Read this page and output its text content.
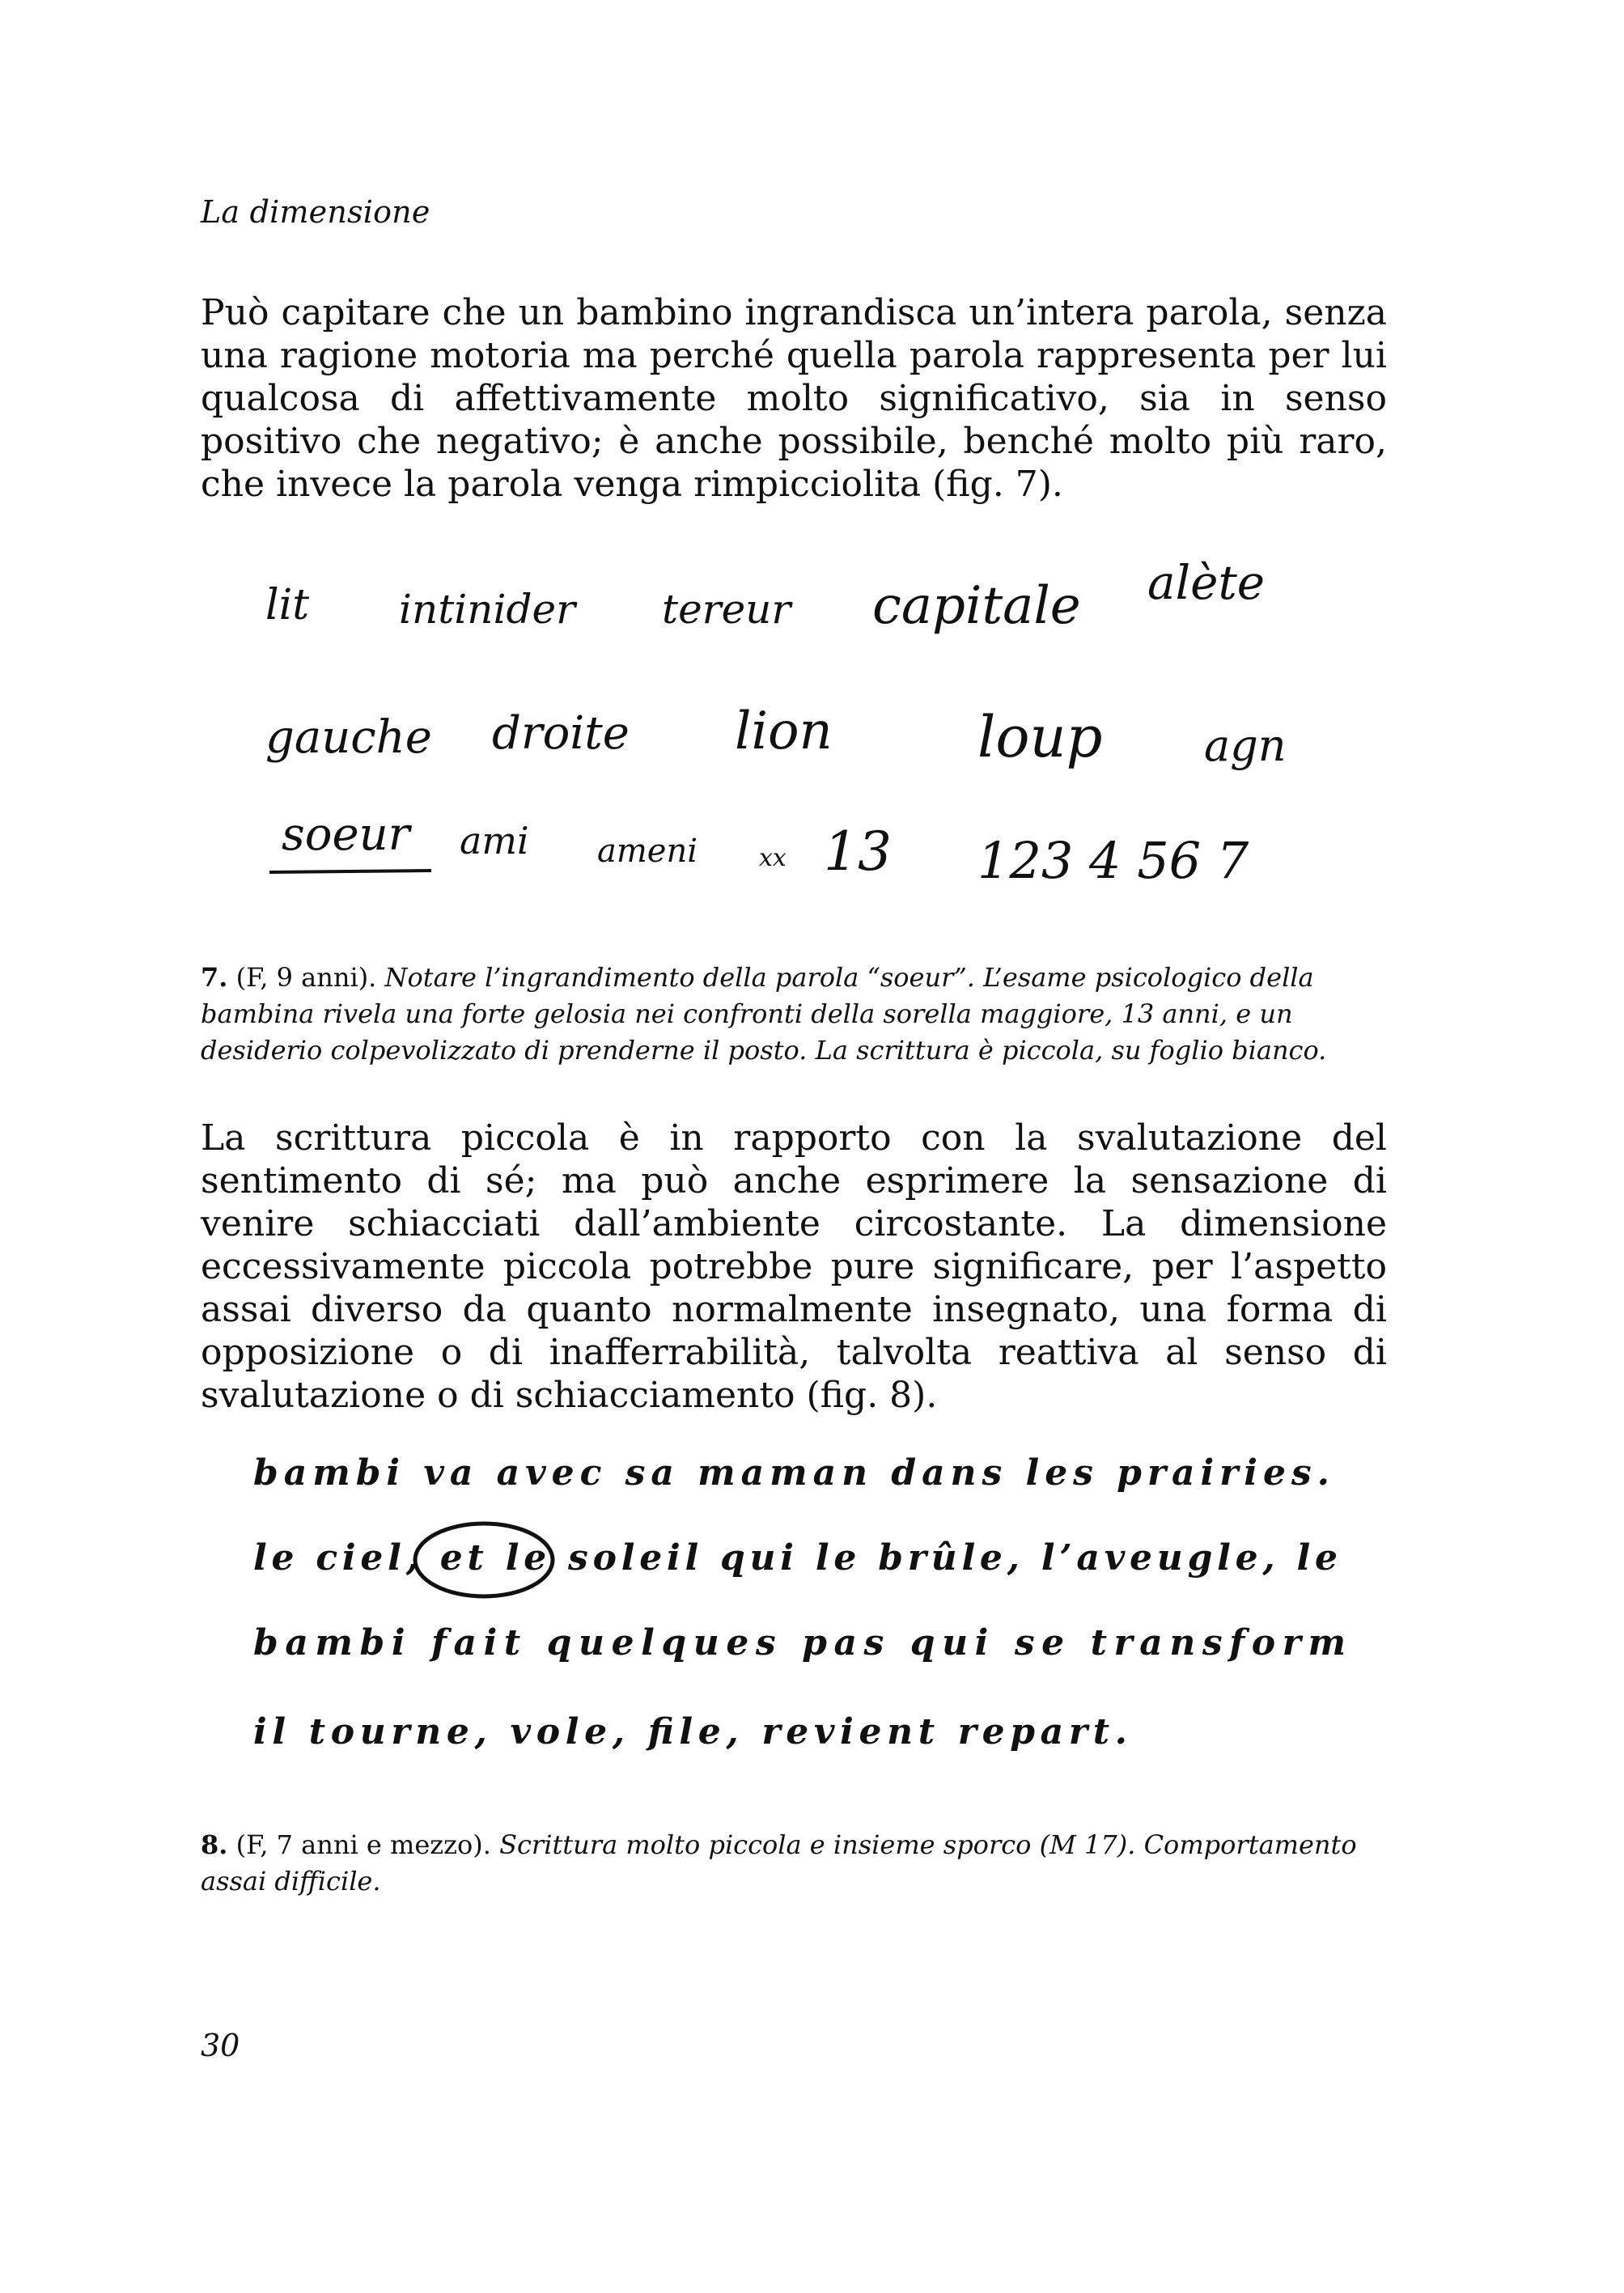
La dimensione

Può capitare che un bambino ingrandisca un’intera parola, senza una ragione motoria ma perché quella parola rappresenta per lui qualcosa di affettivamente molto significativo, sia in senso positivo che negativo; è anche possibile, benché molto più raro, che invece la parola venga rimpicciolita (fig. 7).

lit intinider tereur capitale alète
gauche droite lion	loup agn
soeur ami ameni	xx 13 123 4 56 7

7. (F, 9 anni). Notare l’ingrandimento della parola “soeur”. L’esame psicologico della bambina rivela una forte gelosia nei confronti della sorella maggiore, 13 anni, e un desiderio colpevolizzato di prenderne il posto. La scrittura è piccola, su foglio bianco.

La scrittura piccola è in rapporto con la svalutazione del sentimento di sé; ma può anche esprimere la sensazione di venire schiacciati dall’ambiente circostante. La dimensione eccessivamente piccola potrebbe pure significare, per l’aspetto assai diverso da quanto normalmente insegnato, una forma di opposizione o di inafferrabilità, talvolta reattiva al senso di svalutazione o di schiacciamento (fig. 8).

bambi va avec sa maman dans les prairies.
le ciel, et le soleil qui le brûle, l’aveugle, le
bambi fait quelques pas qui se transform
il tourne, vole, file, revient repart.

8. (F, 7 anni e mezzo). Scrittura molto piccola e insieme sporco (M 17). Comportamento assai difficile.

30
